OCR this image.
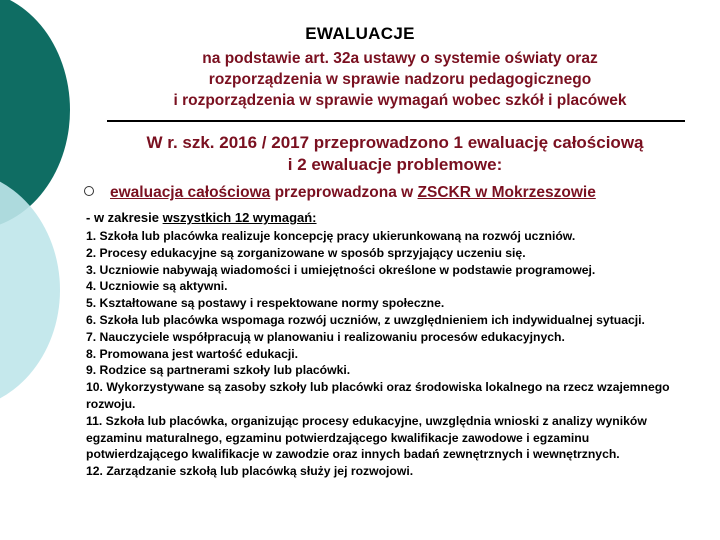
EWALUACJE
na podstawie art. 32a ustawy o systemie oświaty oraz
rozporządzenia w sprawie nadzoru pedagogicznego
i rozporządzenia w sprawie wymagań wobec szkół i placówek
W r. szk. 2016 / 2017 przeprowadzono 1 ewaluację całościową
i 2 ewaluacje problemowe:
ewaluacja całościowa przeprowadzona w ZSCKR w Mokrzeszowie
- w zakresie wszystkich 12 wymagań:
1. Szkoła lub placówka realizuje koncepcję pracy ukierunkowaną na rozwój uczniów.
2. Procesy edukacyjne są zorganizowane w sposób sprzyjający uczeniu się.
3. Uczniowie nabywają wiadomości i umiejętności określone w podstawie programowej.
4. Uczniowie są aktywni.
5. Kształtowane są postawy i respektowane normy społeczne.
6. Szkoła lub placówka wspomaga rozwój uczniów, z uwzględnieniem ich indywidualnej sytuacji.
7. Nauczyciele współpracują w planowaniu i realizowaniu procesów edukacyjnych.
8. Promowana jest wartość edukacji.
9. Rodzice są partnerami szkoły lub placówki.
10. Wykorzystywane są zasoby szkoły lub placówki oraz środowiska lokalnego na rzecz wzajemnego rozwoju.
11. Szkoła lub placówka, organizując procesy edukacyjne, uwzględnia wnioski z analizy wyników egzaminu maturalnego, egzaminu potwierdzającego kwalifikacje zawodowe i egzaminu potwierdzającego kwalifikacje w zawodzie oraz innych badań zewnętrznych i wewnętrznych.
12. Zarządzanie szkołą lub placówką służy jej rozwojowi.
